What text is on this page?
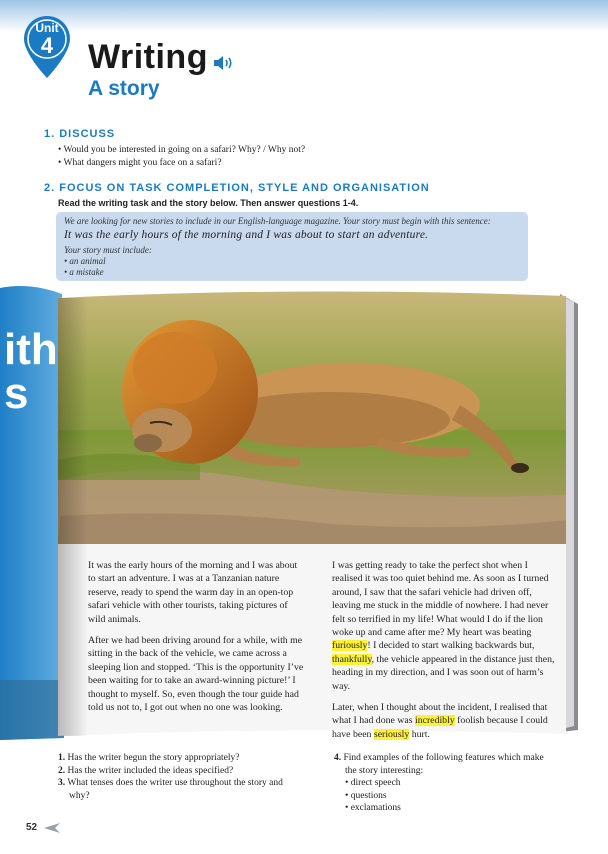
Unit
4	Writing
A story
1. DISCUSS
• Would you be interested in going on a safari? Why? / Why not?
• What dangers might you face on a safari?
2. FOCUS ON TASK COMPLETION, STYLE AND ORGANISATION
Read the writing task and the story below. Then answer questions 1-4.
We are looking for new stories to include in our English-language magazine. Your story must begin with this sentence:
It was the early hours of the morning and I was about to start an adventure.
Your story must include:
• an animal
• a mistake
ith
s

It was the early hours of the morning and I was about to start an adventure. I was at a Tanzanian nature reserve, ready to spend the warm day in an open-top safari vehicle with other tourists, taking pictures of wild animals.

After we had been driving around for a while, with me sitting in the back of the vehicle, we came across a sleeping lion and stopped. ‘This is the opportunity I’ve been waiting for to take an award-winning picture!’ I thought to myself. So, even though the tour guide had told us not to, I got out when no one was looking.

I was getting ready to take the perfect shot when I realised it was too quiet behind me. As soon as I turned around, I saw that the safari vehicle had driven off, leaving me stuck in the middle of nowhere. I had never felt so terrified in my life! What would I do if the lion woke up and came after me? My heart was beating furiously! I decided to start walking backwards but, thankfully, the vehicle appeared in the distance just then, heading in my direction, and I was soon out of harm’s way.

Later, when I thought about the incident, I realised that what I had done was incredibly foolish because I could have been seriously hurt.

1. Has the writer begun the story appropriately?
2. Has the writer included the ideas specified?
3. What tenses does the writer use throughout the story and why?
4. Find examples of the following features which make the story interesting:
• direct speech
• questions
• exclamations
52
